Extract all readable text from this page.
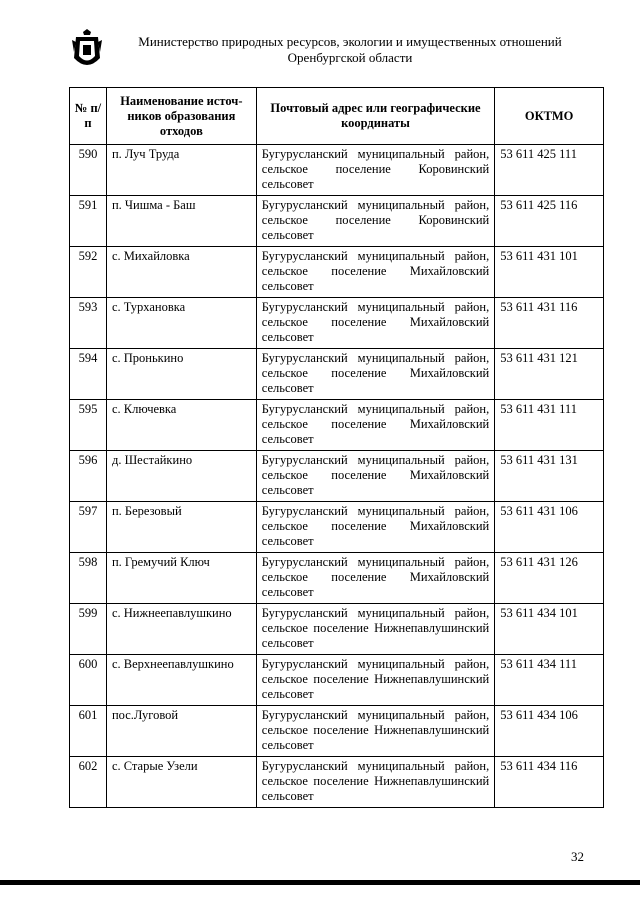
Министерство природных ресурсов, экологии и имущественных отношений
Оренбургской области
№ п/п	Наименование источ-ников образования отходов	Почтовый адрес или географические координаты	ОКТМО
590	п. Луч Труда	Бугурусланский муниципальный район, сельское поселение Коровинский сельсовет	53 611 425 111
591	п. Чишма - Баш	Бугурусланский муниципальный район, сельское поселение Коровинский сельсовет	53 611 425 116
592	с. Михайловка	Бугурусланский муниципальный район, сельское поселение Михайловский сельсовет	53 611 431 101
593	с. Турхановка	Бугурусланский муниципальный район, сельское поселение Михайловский сельсовет	53 611 431 116
594	с. Пронькино	Бугурусланский муниципальный район, сельское поселение Михайловский сельсовет	53 611 431 121
595	с. Ключевка	Бугурусланский муниципальный район, сельское поселение Михайловский сельсовет	53 611 431 111
596	д. Шестайкино	Бугурусланский муниципальный район, сельское поселение Михайловский сельсовет	53 611 431 131
597	п. Березовый	Бугурусланский муниципальный район, сельское поселение Михайловский сельсовет	53 611 431 106
598	п. Гремучий Ключ	Бугурусланский муниципальный район, сельское поселение Михайловский сельсовет	53 611 431 126
599	с. Нижнеепавлушкино	Бугурусланский муниципальный район, сельское поселение Нижнепавлушинский сельсовет	53 611 434 101
600	с. Верхнеепавлушкино	Бугурусланский муниципальный район, сельское поселение Нижнепавлушинский сельсовет	53 611 434 111
601	пос.Луговой	Бугурусланский муниципальный район, сельское поселение Нижнепавлушинский сельсовет	53 611 434 106
602	с. Старые Узели	Бугурусланский муниципальный район, сельское поселение Нижнепавлушинский сельсовет	53 611 434 116
32
